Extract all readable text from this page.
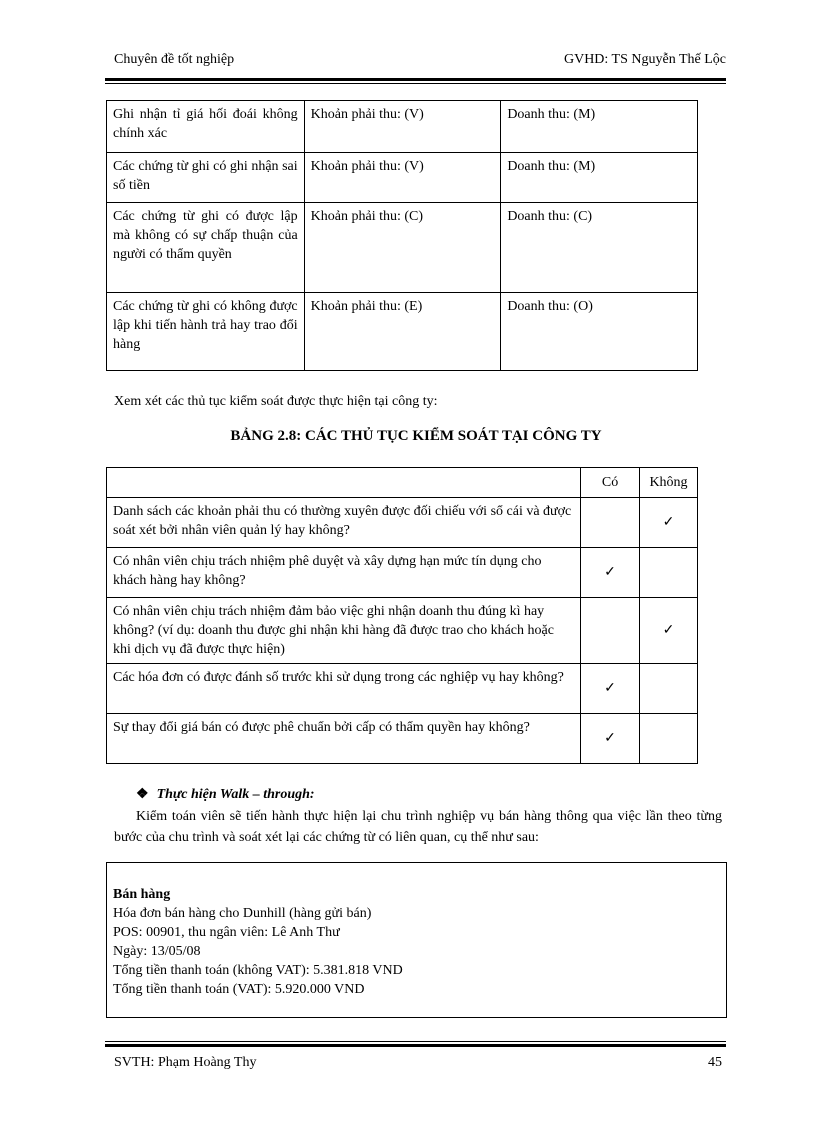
Chuyên đề tốt nghiệp	GVHD: TS Nguyễn Thế Lộc
Ghi nhận tỉ giá hối đoái không chính xác	Khoản phải thu: (V)	Doanh thu: (M)
Các chứng từ ghi có ghi nhận sai số tiền	Khoản phải thu: (V)	Doanh thu: (M)
Các chứng từ ghi có được lập mà không có sự chấp thuận của người có thẩm quyền	Khoản phải thu: (C)	Doanh thu: (C)
Các chứng từ ghi có không được lập khi tiến hành trả hay trao đổi hàng	Khoản phải thu: (E)	Doanh thu: (O)
Xem xét các thủ tục kiểm soát được thực hiện tại công ty:
BẢNG 2.8: CÁC THỦ TỤC KIỂM SOÁT TẠI CÔNG TY
	Có	Không
Danh sách các khoản phải thu có thường xuyên được đối chiếu với sổ cái và được soát xét bởi nhân viên quản lý hay không?		✓
Có nhân viên chịu trách nhiệm phê duyệt và xây dựng hạn mức tín dụng cho khách hàng hay không?	✓	
Có nhân viên chịu trách nhiệm đảm bảo việc ghi nhận doanh thu đúng kì hay không? (ví dụ: doanh thu được ghi nhận khi hàng đã được trao cho khách hoặc khi dịch vụ đã được thực hiện)		✓
Các hóa đơn có được đánh số trước khi sử dụng trong các nghiệp vụ hay không?	✓	
Sự thay đổi giá bán có được phê chuẩn bởi cấp có thẩm quyền hay không?	✓	
❖ Thực hiện Walk – through:
Kiểm toán viên sẽ tiến hành thực hiện lại chu trình nghiệp vụ bán hàng thông qua việc lần theo từng bước của chu trình và soát xét lại các chứng từ có liên quan, cụ thể như sau:
Bán hàng
Hóa đơn bán hàng cho Dunhill (hàng gửi bán)
POS: 00901, thu ngân viên: Lê Anh Thư
Ngày: 13/05/08
Tổng tiền thanh toán (không VAT): 5.381.818 VND
Tổng tiền thanh toán (VAT): 5.920.000 VND
SVTH: Phạm Hoàng Thy	45
